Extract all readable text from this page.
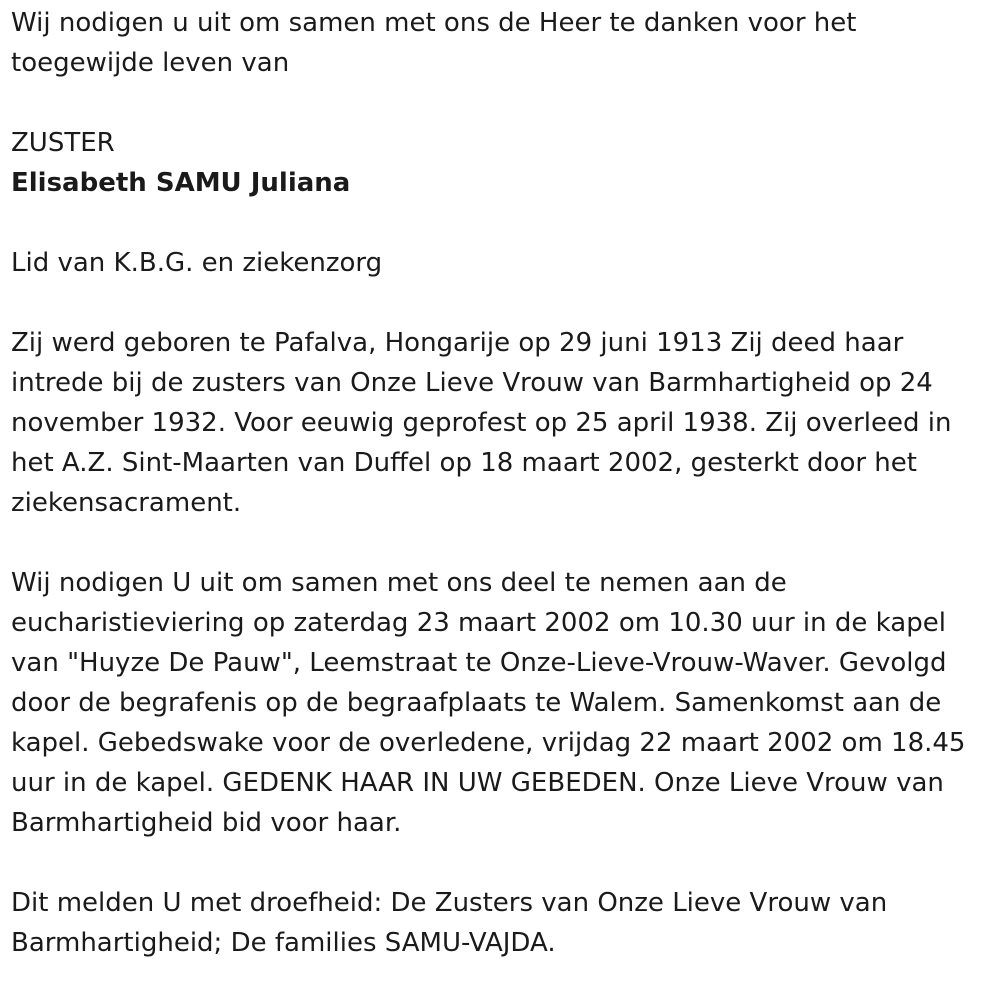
Wij nodigen u uit om samen met ons de Heer te danken voor het toegewijde leven van

ZUSTER

Elisabeth SAMU Juliana

Lid van K.B.G. en ziekenzorg

Zij werd geboren te Pafalva, Hongarije op 29 juni 1913 Zij deed haar intrede bij de zusters van Onze Lieve Vrouw van Barmhartigheid op 24 november 1932. Voor eeuwig geprofest op 25 april 1938. Zij overleed in het A.Z. Sint-Maarten van Duffel op 18 maart 2002, gesterkt door het ziekensacrament.

Wij nodigen U uit om samen met ons deel te nemen aan de eucharistieviering op zaterdag 23 maart 2002 om 10.30 uur in de kapel van "Huyze De Pauw", Leemstraat te Onze-Lieve-Vrouw-Waver. Gevolgd door de begrafenis op de begraafplaats te Walem. Samenkomst aan de kapel. Gebedswake voor de overledene, vrijdag 22 maart 2002 om 18.45 uur in de kapel. GEDENK HAAR IN UW GEBEDEN. Onze Lieve Vrouw van Barmhartigheid bid voor haar.

Dit melden U met droefheid: De Zusters van Onze Lieve Vrouw van Barmhartigheid; De families SAMU-VAJDA.
